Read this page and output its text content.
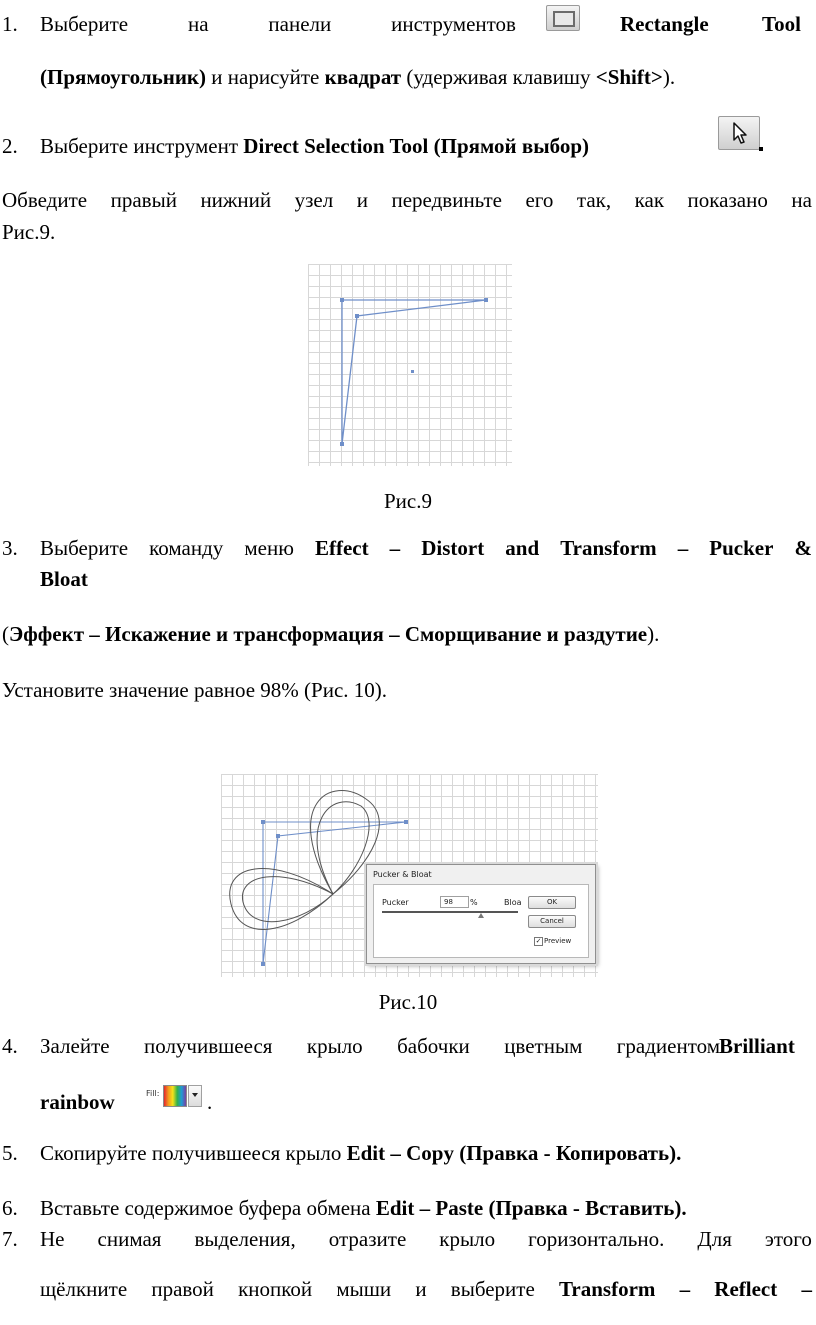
1. Выберите	на	панели	инструментов	Rectangle	Tool
(Прямоугольник) и нарисуйте квадрат (удерживая клавишу <Shift>).
2. Выберите инструмент Direct Selection Tool (Прямой выбор)
Обведите правый нижний узел и передвиньте его так, как показано на
Рис.9.
Рис.9
3. Выберите команду меню Effect – Distort and Transform – Pucker &
Bloat
(Эффект – Искажение и трансформация – Сморщивание и раздутие).
Установите значение равное 98% (Рис. 10).
Pucker & Bloat
Pucker	98	%	Bloa	OK
Cancel
✓ Preview
Рис.10
4. Залейте получившееся крыло бабочки цветным градиентом Brilliant
rainbow	Fill: .
5. Скопируйте получившееся крыло Edit – Copy (Правка - Копировать).
6. Вставьте содержимое буфера обмена Edit – Paste (Правка - Вставить).
7. Не снимая выделения, отразите крыло горизонтально. Для этого
щёлкните правой кнопкой мыши и выберите Transform – Reflect –
